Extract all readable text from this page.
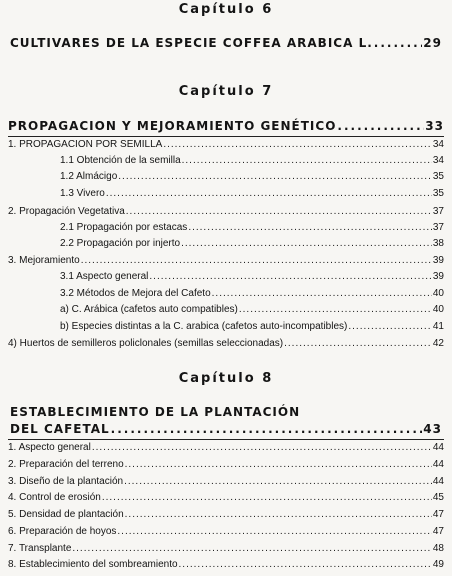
Capítulo 6
CULTIVARES DE LA ESPECIE COFFEA ARABICA L. .....	29
Capítulo 7
PROPAGACION Y MEJORAMIENTO GENÉTICO .....	33
1. PROPAGACION POR SEMILLA .....	34
1.1 Obtención de la semilla .....	34
1.2 Almácigo .....	35
1.3 Vivero .....	35
2. Propagación Vegetativa .....	37
2.1 Propagación por estacas .....	37
2.2 Propagación por injerto .....	38
3. Mejoramiento .....	39
3.1 Aspecto general .....	39
3.2 Métodos de Mejora del Cafeto .....	40
a) C. Arábica (cafetos auto compatibles) .....	40
b) Especies distintas a la C. arabica (cafetos auto-incompatibles) .....	41
4) Huertos de semilleros policlonales (semillas seleccionadas) .....	42
Capítulo 8
ESTABLECIMIENTO DE LA PLANTACIÓN
DEL CAFETAL .....	43
1. Aspecto general .....	44
2. Preparación del terreno .....	44
3. Diseño de la plantación .....	44
4. Control de erosión .....	45
5. Densidad de plantación .....	47
6. Preparación de hoyos .....	47
7. Transplante .....	48
8. Establecimiento del sombreamiento .....	49
